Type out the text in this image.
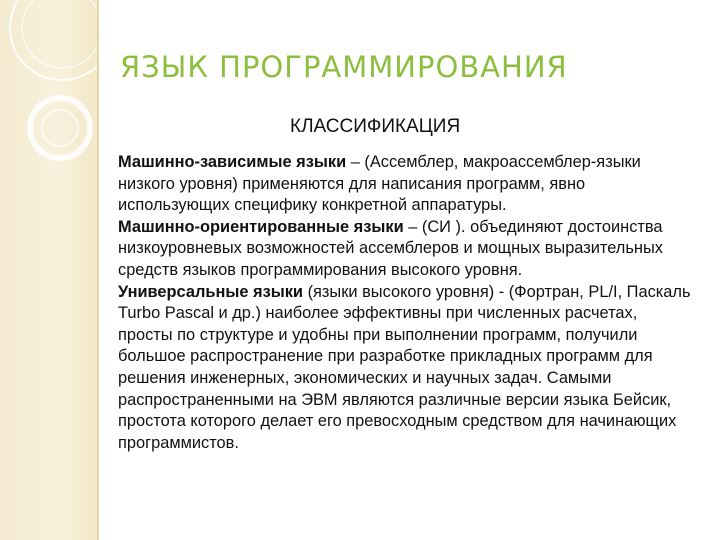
ЯЗЫК ПРОГРАММИРОВАНИЯ
КЛАССИФИКАЦИЯ

Машинно-зависимые языки – (Ассемблер, макроассемблер-языки низкого уровня) применяются для написания программ, явно использующих специфику конкретной аппаратуры.

Машинно-ориентированные языки – (СИ ). объединяют достоинства низкоуровневых возможностей ассемблеров и мощных выразительных средств языков программирования высокого уровня.

Универсальные языки (языки высокого уровня) - (Фортран, PL/I, Паскаль Turbo Pascal и др.) наиболее эффективны при численных расчетах, просты по структуре и удобны при выполнении программ, получили большое распространение при разработке прикладных программ для решения инженерных, экономических и научных задач. Самыми распространенными на ЭВМ являются различные версии языка Бейсик, простота которого делает его превосходным средством для начинающих программистов.
